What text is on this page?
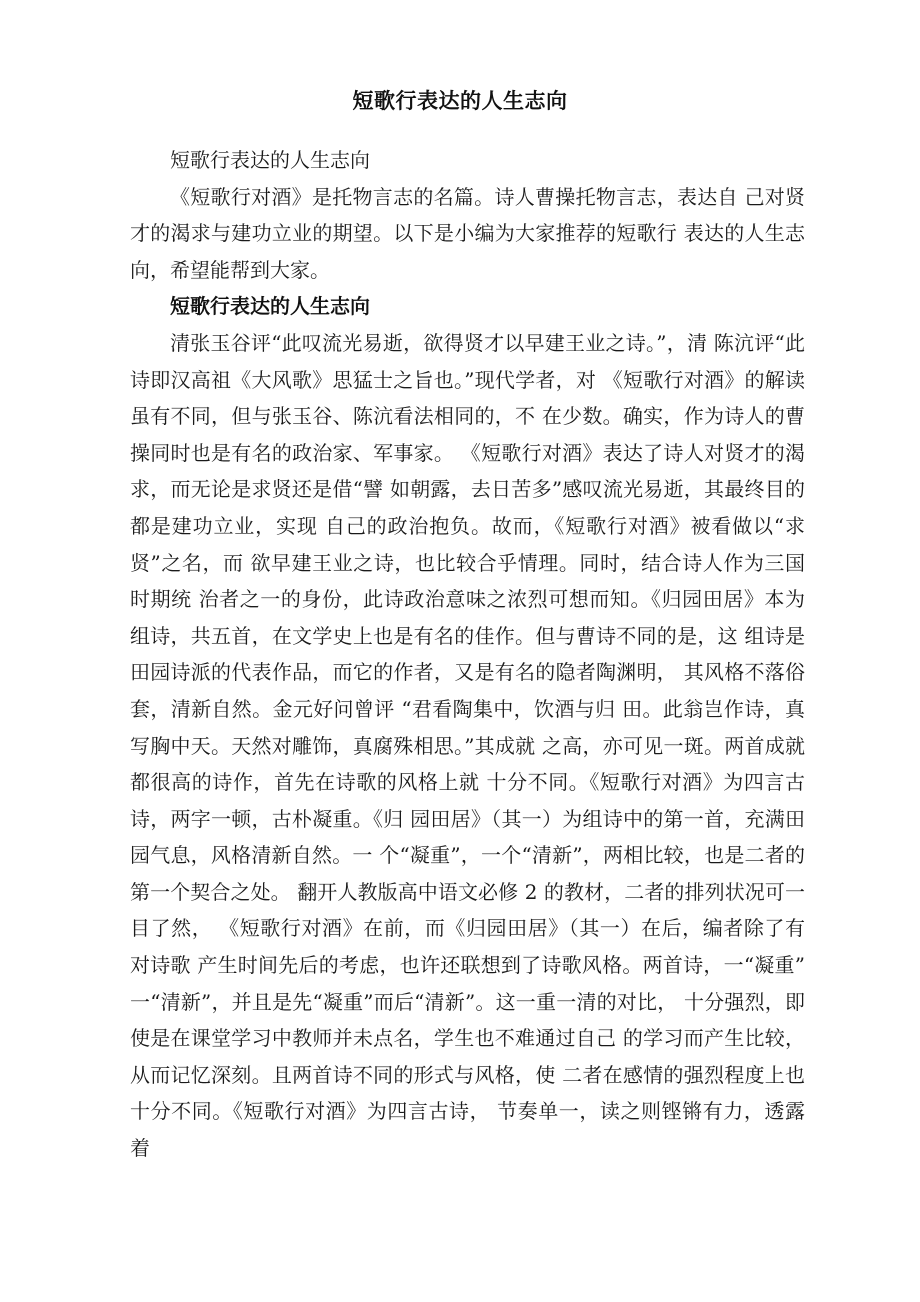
短歌行表达的人生志向

短歌行表达的人生志向

《短歌行对酒》是托物言志的名篇。诗人曹操托物言志，表达自 己对贤才的渴求与建功立业的期望。以下是小编为大家推荐的短歌行 表达的人生志向，希望能帮到大家。

短歌行表达的人生志向

清张玉谷评“此叹流光易逝，欲得贤才以早建王业之诗。”，清 陈沆评“此诗即汉高祖《大风歌》思猛士之旨也。”现代学者，对 《短歌行对酒》的解读虽有不同，但与张玉谷、陈沆看法相同的，不 在少数。确实，作为诗人的曹操同时也是有名的政治家、军事家。 《短歌行对酒》表达了诗人对贤才的渴求，而无论是求贤还是借“譬 如朝露，去日苦多”感叹流光易逝，其最终目的都是建功立业，实现 自己的政治抱负。故而，《短歌行对酒》被看做以“求贤”之名，而 欲早建王业之诗，也比较合乎情理。同时，结合诗人作为三国时期统 治者之一的身份，此诗政治意味之浓烈可想而知。《归园田居》本为 组诗，共五首，在文学史上也是有名的佳作。但与曹诗不同的是，这 组诗是田园诗派的代表作品，而它的作者，又是有名的隐者陶渊明， 其风格不落俗套，清新自然。金元好问曾评 “君看陶集中，饮酒与归 田。此翁岂作诗，真写胸中天。天然对雕饰，真腐殊相思。”其成就 之高，亦可见一斑。两首成就都很高的诗作，首先在诗歌的风格上就 十分不同。《短歌行对酒》为四言古诗，两字一顿，古朴凝重。《归 园田居》（其一）为组诗中的第一首，充满田园气息，风格清新自然。一 个“凝重”，一个“清新”，两相比较，也是二者的第一个契合之处。 翻开人教版高中语文必修 2 的教材，二者的排列状况可一目了然， 《短歌行对酒》在前，而《归园田居》（其一）在后，编者除了有对诗歌 产生时间先后的考虑，也许还联想到了诗歌风格。两首诗，一“凝重” 一“清新”，并且是先“凝重”而后“清新”。这一重一清的对比， 十分强烈，即使是在课堂学习中教师并未点名，学生也不难通过自己 的学习而产生比较，从而记忆深刻。且两首诗不同的形式与风格，使 二者在感情的强烈程度上也十分不同。《短歌行对酒》为四言古诗， 节奏单一，读之则铿锵有力，透露着
